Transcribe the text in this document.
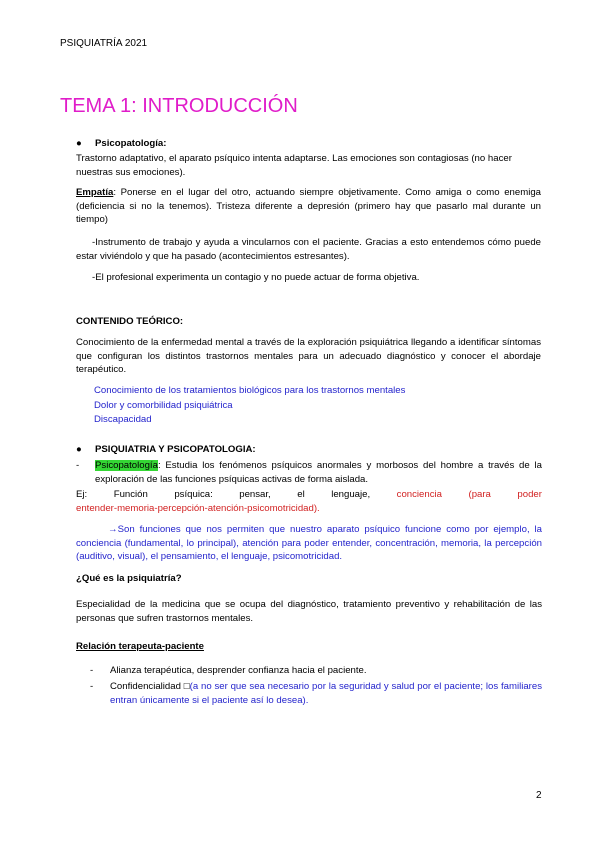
PSIQUIATRÍA 2021
TEMA 1: INTRODUCCIÓN
●	Psicopatología:
Trastorno adaptativo, el aparato psíquico intenta adaptarse. Las emociones son contagiosas (no hacer nuestras sus emociones).
Empatía: Ponerse en el lugar del otro, actuando siempre objetivamente. Como amiga o como enemiga (deficiencia si no la tenemos). Tristeza diferente a depresión (primero hay que pasarlo mal durante un tiempo)
-Instrumento de trabajo y ayuda a vincularnos con el paciente. Gracias a esto entendemos cómo puede estar viviéndolo y que ha pasado (acontecimientos estresantes).
-El profesional experimenta un contagio y no puede actuar de forma objetiva.
CONTENIDO TEÓRICO:
Conocimiento de la enfermedad mental a través de la exploración psiquiátrica llegando a identificar síntomas que configuran los distintos trastornos mentales para un adecuado diagnóstico y conocer el abordaje terapéutico.
Conocimiento de los tratamientos biológicos para los trastornos mentales
Dolor y comorbilidad psiquiátrica
Discapacidad
●	PSIQUIATRIA Y PSICOPATOLOGIA:
- Psicopatología: Estudia los fenómenos psíquicos anormales y morbosos del hombre a través de la exploración de las funciones psíquicas activas de forma aislada.
Ej:	Función	psíquica:	pensar,	el	lenguaje,	conciencia	(para	poder
entender-memoria-percepción-atención-psicomotricidad).
→Son funciones que nos permiten que nuestro aparato psíquico funcione como por ejemplo, la conciencia (fundamental, lo principal), atención para poder entender, concentración, memoria, la percepción (auditivo, visual), el pensamiento, el lenguaje, psicomotricidad.
¿Qué es la psiquiatría?
Especialidad de la medicina que se ocupa del diagnóstico, tratamiento preventivo y rehabilitación de las personas que sufren trastornos mentales.
Relación terapeuta-paciente
- Alianza terapéutica, desprender confianza hacia el paciente.
- Confidencialidad □(a no ser que sea necesario por la seguridad y salud por el paciente; los familiares entran únicamente si el paciente así lo desea).
2
